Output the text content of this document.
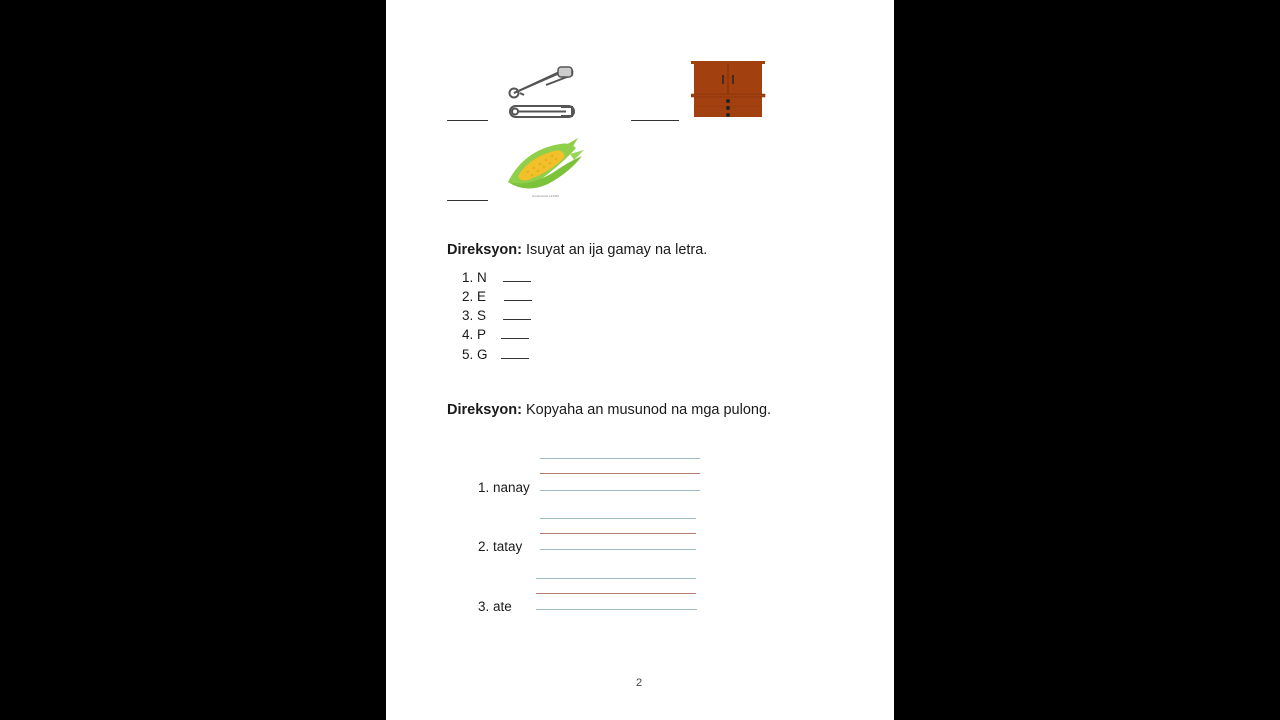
shutterstock 123456
Direksyon: Isuyat an ija gamay na letra.
1. N
2. E
3. S
4. P
5. G
Direksyon: Kopyaha an musunod na mga pulong.
1. nanay
2. tatay
3. ate
2
